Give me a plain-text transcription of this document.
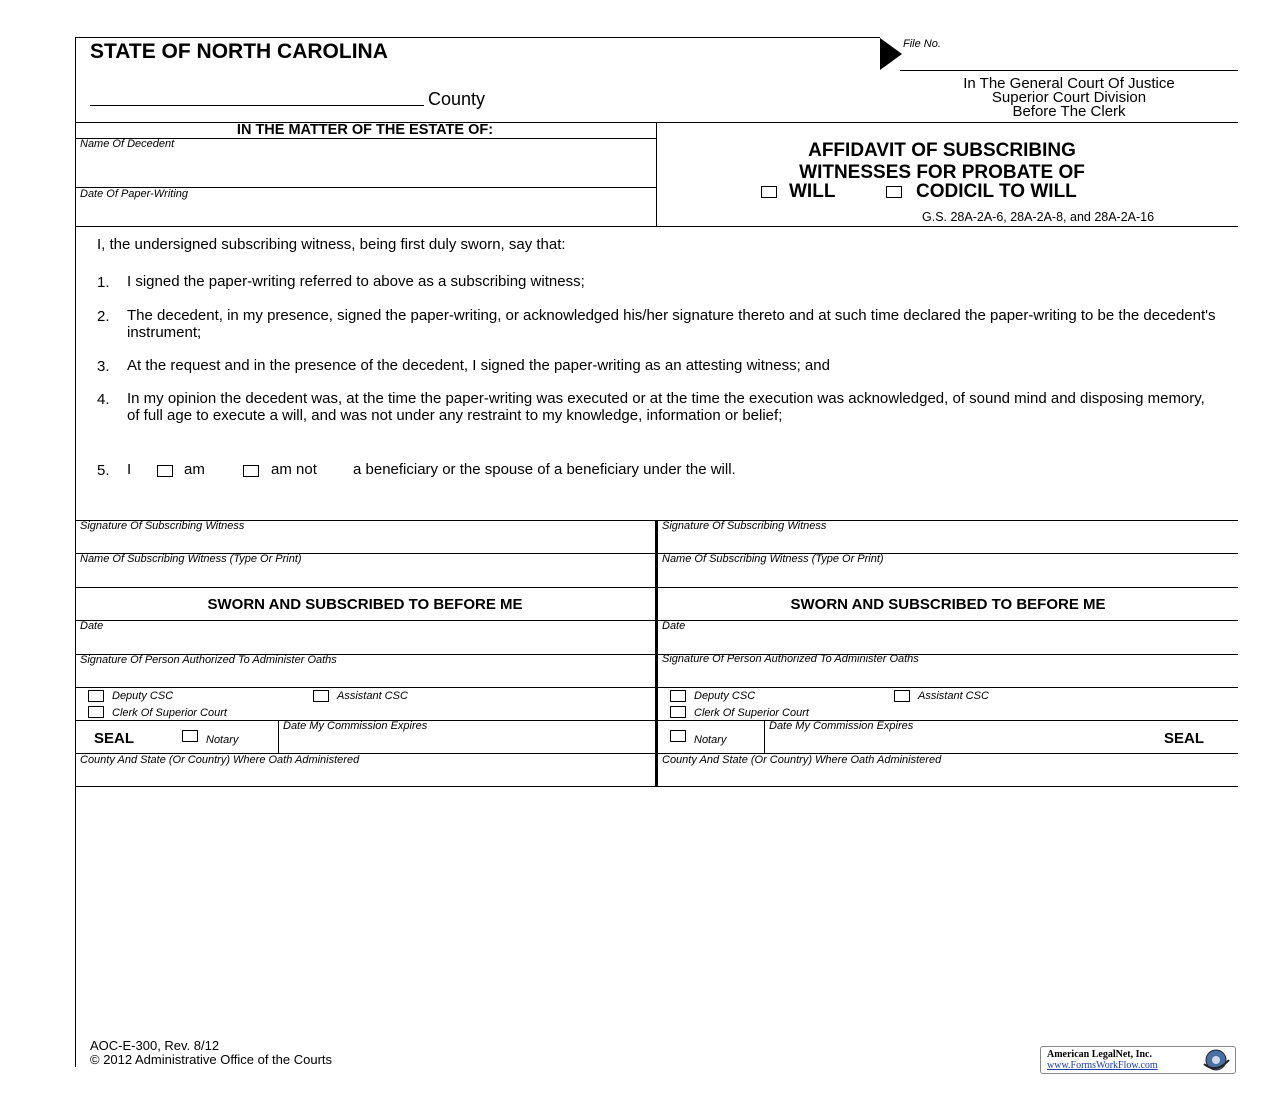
STATE OF NORTH CAROLINA
County
File No.
In The General Court Of Justice
Superior Court Division
Before The Clerk
IN THE MATTER OF THE ESTATE OF:
Name Of Decedent
Date Of Paper-Writing
AFFIDAVIT OF SUBSCRIBING
WITNESSES FOR PROBATE OF
WILL	CODICIL TO WILL
G.S. 28A-2A-6, 28A-2A-8, and 28A-2A-16
I, the undersigned subscribing witness, being first duly sworn, say that:
1. I signed the paper-writing referred to above as a subscribing witness;
2. The decedent, in my presence, signed the paper-writing, or acknowledged his/her signature thereto and at such time declared the paper-writing to be the decedent's instrument;
3. At the request and in the presence of the decedent, I signed the paper-writing as an attesting witness; and
4. In my opinion the decedent was, at the time the paper-writing was executed or at the time the execution was acknowledged, of sound mind and disposing memory, of full age to execute a will, and was not under any restraint to my knowledge, information or belief;
5. I	am	am not a beneficiary or the spouse of a beneficiary under the will.
Signature Of Subscribing Witness
Name Of Subscribing Witness (Type Or Print)
SWORN AND SUBSCRIBED TO BEFORE ME
Date
Signature Of Person Authorized To Administer Oaths
Deputy CSC	Assistant CSC
Clerk Of Superior Court
SEAL	Notary
Date My Commission Expires
County And State (Or Country) Where Oath Administered
Signature Of Subscribing Witness
Name Of Subscribing Witness (Type Or Print)
SWORN AND SUBSCRIBED TO BEFORE ME
Date
Signature Of Person Authorized To Administer Oaths
Deputy CSC	Assistant CSC
Clerk Of Superior Court
Notary
Date My Commission Expires
SEAL
County And State (Or Country) Where Oath Administered
AOC-E-300, Rev. 8/12
© 2012 Administrative Office of the Courts	American LegalNet, Inc.
www.FormsWorkFlow.com
